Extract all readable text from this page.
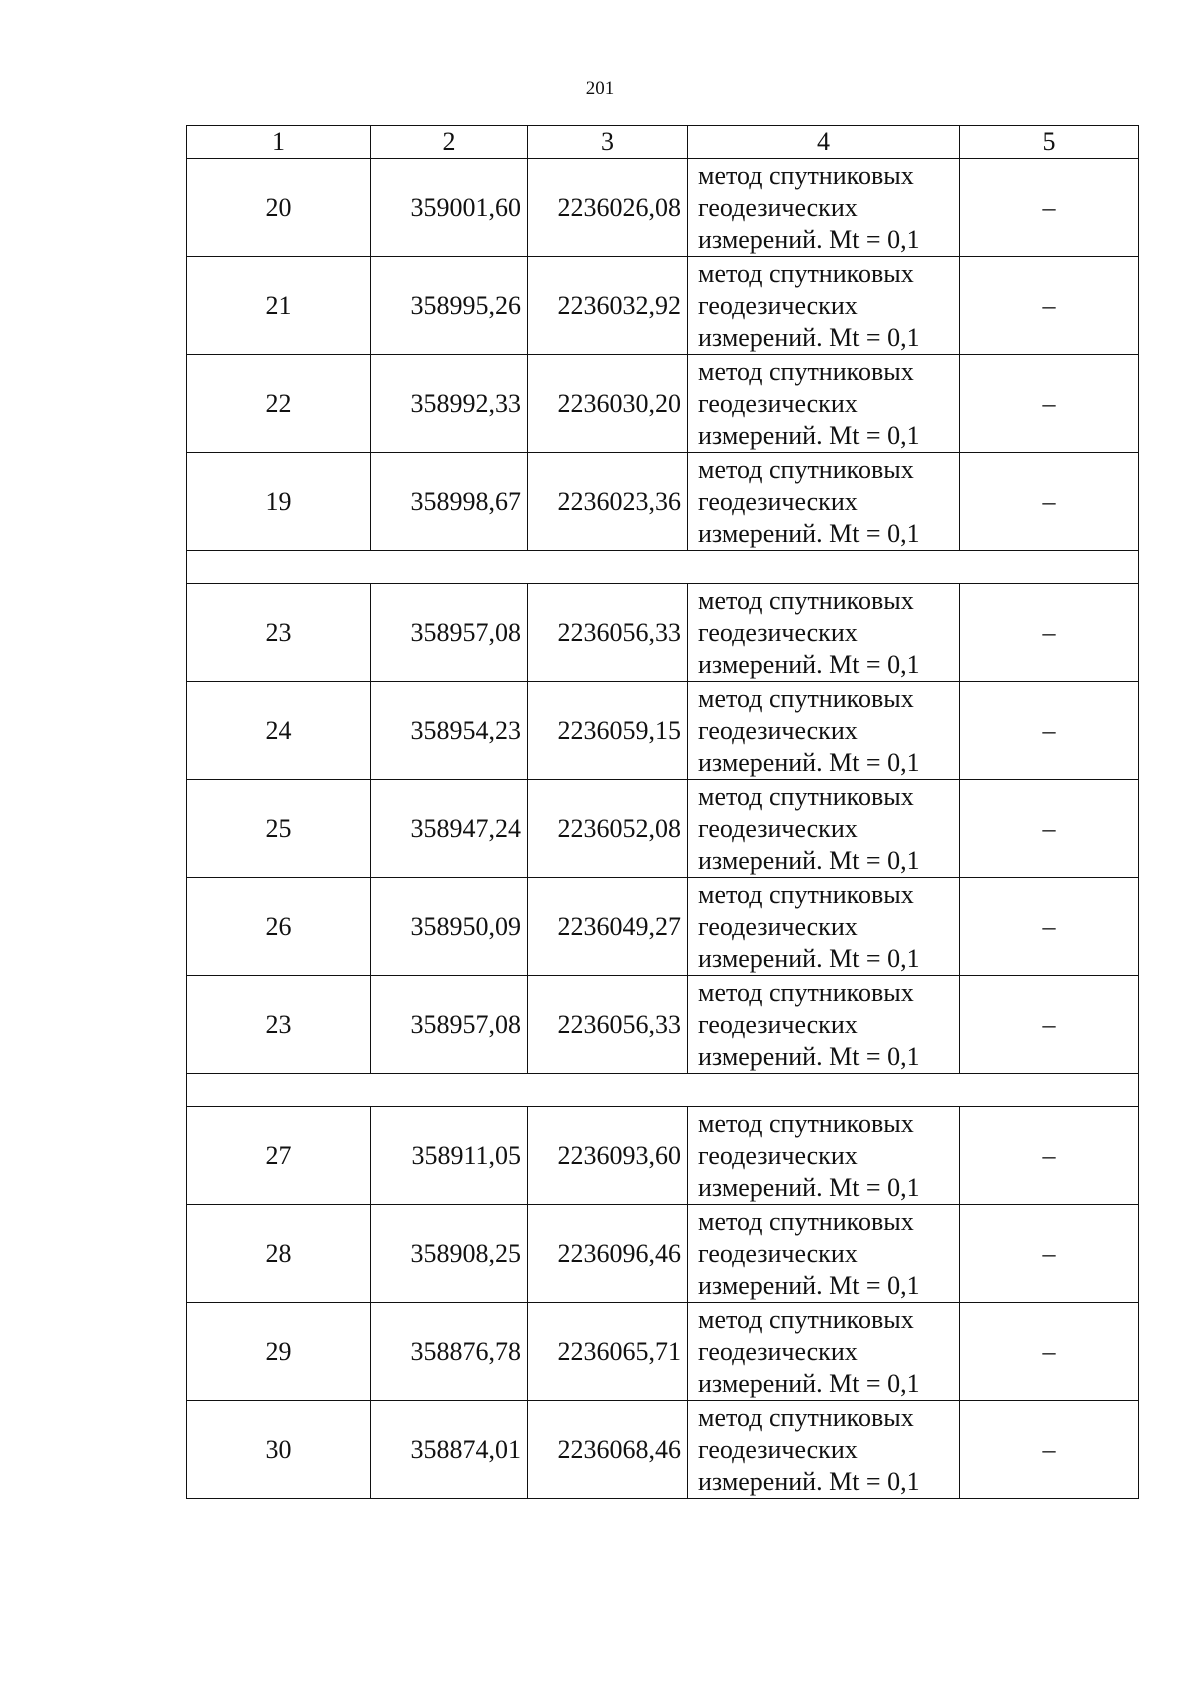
201
1	2	3	4	5
20	359001,60	2236026,08	метод спутниковых
геодезических
измерений. Mt = 0,1	–
21	358995,26	2236032,92	метод спутниковых
геодезических
измерений. Mt = 0,1	–
22	358992,33	2236030,20	метод спутниковых
геодезических
измерений. Mt = 0,1	–
19	358998,67	2236023,36	метод спутниковых
геодезических
измерений. Mt = 0,1	–

23	358957,08	2236056,33	метод спутниковых
геодезических
измерений. Mt = 0,1	–
24	358954,23	2236059,15	метод спутниковых
геодезических
измерений. Mt = 0,1	–
25	358947,24	2236052,08	метод спутниковых
геодезических
измерений. Mt = 0,1	–
26	358950,09	2236049,27	метод спутниковых
геодезических
измерений. Mt = 0,1	–
23	358957,08	2236056,33	метод спутниковых
геодезических
измерений. Mt = 0,1	–

27	358911,05	2236093,60	метод спутниковых
геодезических
измерений. Mt = 0,1	–
28	358908,25	2236096,46	метод спутниковых
геодезических
измерений. Mt = 0,1	–
29	358876,78	2236065,71	метод спутниковых
геодезических
измерений. Mt = 0,1	–
30	358874,01	2236068,46	метод спутниковых
геодезических
измерений. Mt = 0,1	–
